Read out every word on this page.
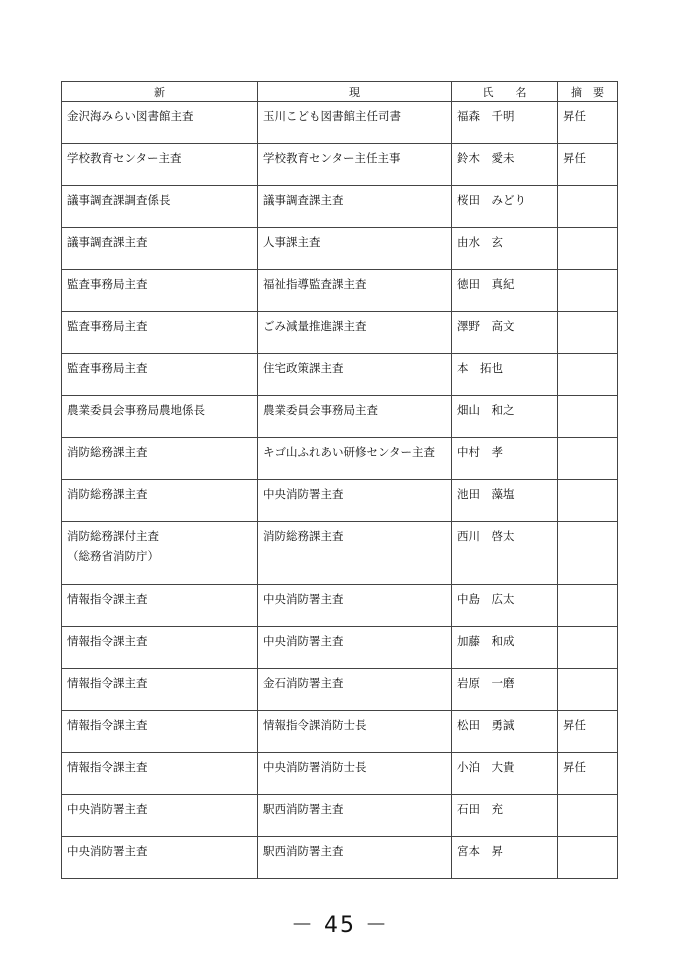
新	現	氏　　名	摘　要

金沢海みらい図書館主査	玉川こども図書館主任司書	福森　千明	昇任

学校教育センター主査	学校教育センター主任主事	鈴木　愛未	昇任

議事調査課調査係長	議事調査課主査	桜田　みどり	

議事調査課主査	人事課主査	由水　玄	

監査事務局主査	福祉指導監査課主査	徳田　真紀	

監査事務局主査	ごみ減量推進課主査	澤野　高文	

監査事務局主査	住宅政策課主査	本　拓也	

農業委員会事務局農地係長	農業委員会事務局主査	畑山　和之	

消防総務課主査	キゴ山ふれあい研修センター主査	中村　孝	

消防総務課主査	中央消防署主査	池田　藻塩	

消防総務課付主査
（総務省消防庁）	消防総務課主査	西川　啓太	

情報指令課主査	中央消防署主査	中島　広太	

情報指令課主査	中央消防署主査	加藤　和成	

情報指令課主査	金石消防署主査	岩原　一磨	

情報指令課主査	情報指令課消防士長	松田　勇誠	昇任

情報指令課主査	中央消防署消防士長	小泊　大貴	昇任

中央消防署主査	駅西消防署主査	石田　充	

中央消防署主査	駅西消防署主査	宮本　昇	

－ 45 －
